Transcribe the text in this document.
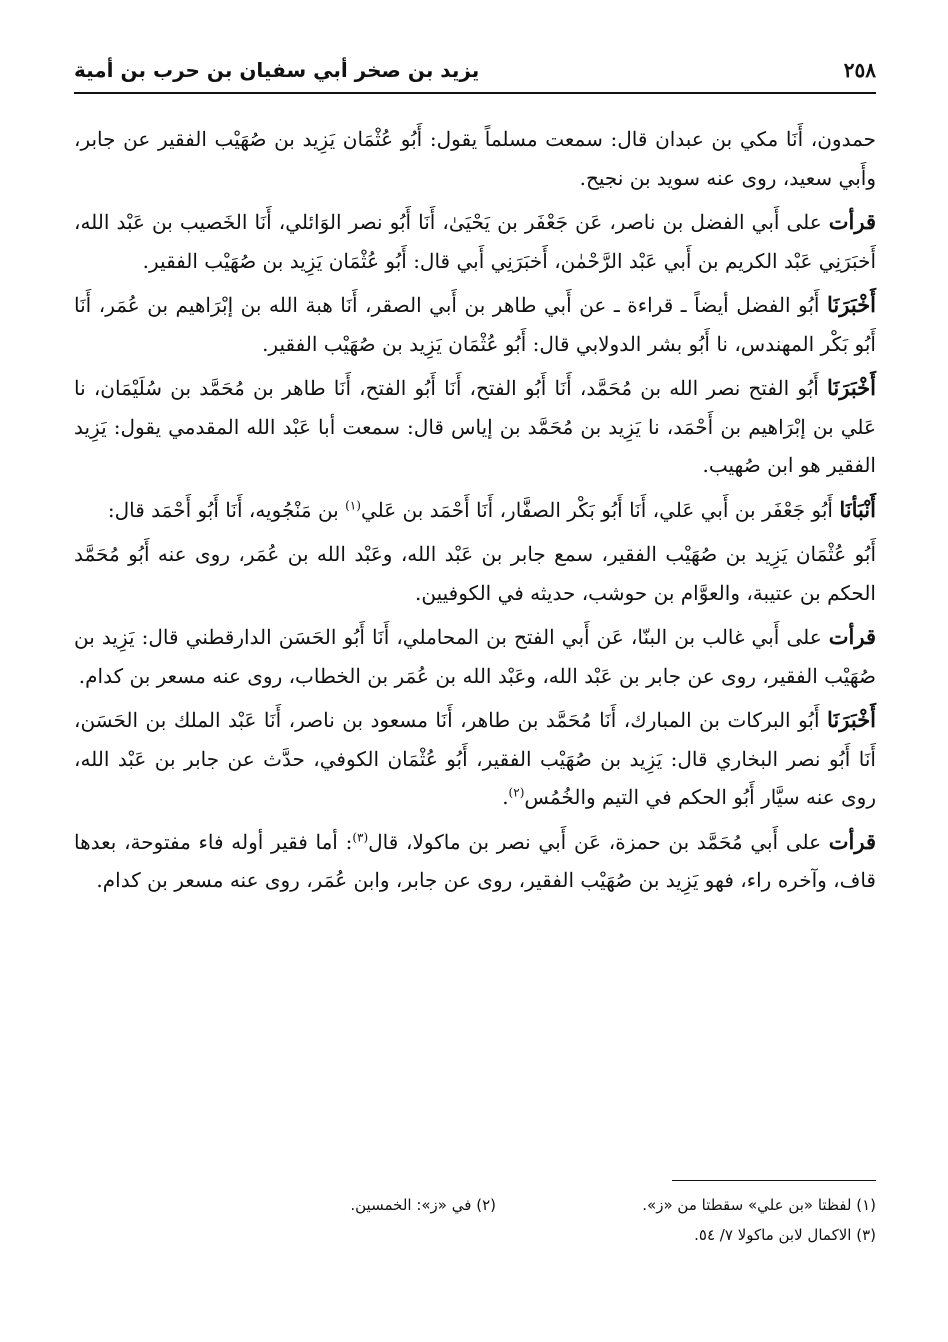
٢٥٨
يزيد بن صخر أبي سفيان بن حرب بن أمية

حمدون، أَنَا مكي بن عبدان قال: سمعت مسلماً يقول: أَبُو عُثْمَان يَزِيد بن صُهَيْب الفقير عن جابر، وأَبي سعيد، روى عنه سويد بن نجيح.

قرأت على أَبي الفضل بن ناصر، عَن جَعْفَر بن يَحْيَىٰ، أَنَا أَبُو نصر الوَائلي، أَنَا الخَصيب بن عَبْد الله، أَخبَرَنِي عَبْد الكريم بن أَبي عَبْد الرَّحْمٰن، أَخبَرَنِي أَبي قال: أَبُو عُثْمَان يَزِيد بن صُهَيْب الفقير.

أَخْبَرَنَا أَبُو الفضل أيضاً ـ قراءة ـ عن أَبي طاهر بن أَبي الصقر، أَنَا هبة الله بن إبْرَاهيم بن عُمَر، أَنَا أَبُو بَكْر المهندس، نا أَبُو بشر الدولابي قال: أَبُو عُثْمَان يَزِيد بن صُهَيْب الفقير.

أَخْبَرَنَا أَبُو الفتح نصر الله بن مُحَمَّد، أَنَا أَبُو الفتح، أَنَا أَبُو الفتح، أَنَا طاهر بن مُحَمَّد بن سُلَيْمَان، نا عَلي بن إبْرَاهيم بن أَحْمَد، نا يَزِيد بن مُحَمَّد بن إياس قال: سمعت أبا عَبْد الله المقدمي يقول: يَزِيد الفقير هو ابن صُهيب.

أَنْبَأنَا أَبُو جَعْفَر بن أَبي عَلي، أَنَا أَبُو بَكْر الصفَّار، أَنَا أَحْمَد بن عَلي$^{(١)}$ بن مَنْجُويه، أَنَا أَبُو أَحْمَد قال:

أَبُو عُثْمَان يَزِيد بن صُهَيْب الفقير، سمع جابر بن عَبْد الله، وعَبْد الله بن عُمَر، روى عنه أَبُو مُحَمَّد الحكم بن عتيبة، والعوَّام بن حوشب، حديثه في الكوفيين.

قرأت على أَبي غالب بن البنّا، عَن أَبي الفتح بن المحاملي، أَنَا أَبُو الحَسَن الدارقطني قال: يَزِيد بن صُهَيْب الفقير، روى عن جابر بن عَبْد الله، وعَبْد الله بن عُمَر بن الخطاب، روى عنه مسعر بن كدام.

أَخْبَرَنَا أَبُو البركات بن المبارك، أَنَا مُحَمَّد بن طاهر، أَنَا مسعود بن ناصر، أَنَا عَبْد الملك بن الحَسَن، أَنَا أَبُو نصر البخاري قال: يَزِيد بن صُهَيْب الفقير، أَبُو عُثْمَان الكوفي، حدَّث عن جابر بن عَبْد الله، روى عنه سيَّار أَبُو الحكم في التيم والخُمُس$^{(٢)}$.

قرأت على أَبي مُحَمَّد بن حمزة، عَن أَبي نصر بن ماكولا، قال$^{(٣)}$: أما فقير أوله فاء مفتوحة، بعدها قاف، وآخره راء، فهو يَزِيد بن صُهَيْب الفقير، روى عن جابر، وابن عُمَر، روى عنه مسعر بن كدام.

(١) لفظتا «بن علي» سقطتا من «ز».
(٢) في «ز»: الخمسين.
(٣) الاكمال لابن ماكولا ٧/ ٥٤.
